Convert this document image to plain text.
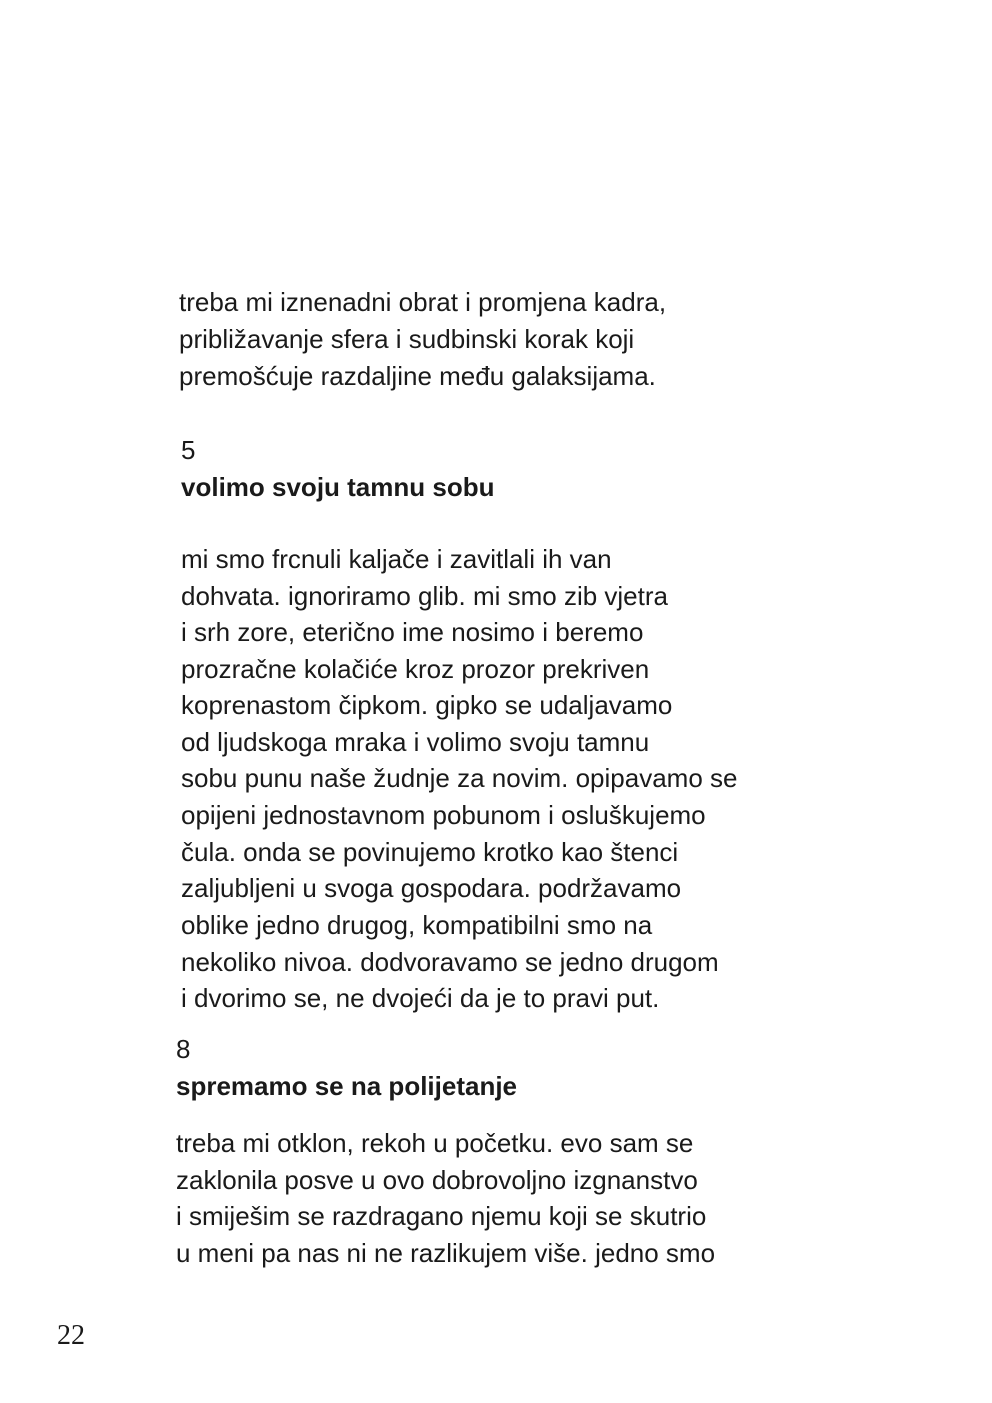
treba mi iznenadni obrat i promjena kadra,
približavanje sfera i sudbinski korak koji
premošćuje razdaljine među galaksijama.
5
volimo svoju tamnu sobu
mi smo frcnuli kaljače i zavitlali ih van
dohvata. ignoriramo glib. mi smo zib vjetra
i srh zore, eterično ime nosimo i beremo
prozračne kolačiće kroz prozor prekriven
koprenastom čipkom. gipko se udaljavamo
od ljudskoga mraka i volimo svoju tamnu
sobu punu naše žudnje za novim. opipavamo se
opijeni jednostavnom pobunom i osluškujemo
čula. onda se povinujemo krotko kao štenci
zaljubljeni u svoga gospodara. podržavamo
oblike jedno drugog, kompatibilni smo na
nekoliko nivoa. dodvoravamo se jedno drugom
i dvorimo se, ne dvojeći da je to pravi put.
8
spremamo se na polijetanje
treba mi otklon, rekoh u početku. evo sam se
zaklonila posve u ovo dobrovoljno izgnanstvo
i smiješim se razdragano njemu koji se skutrio
u meni pa nas ni ne razlikujem više. jedno smo
22
